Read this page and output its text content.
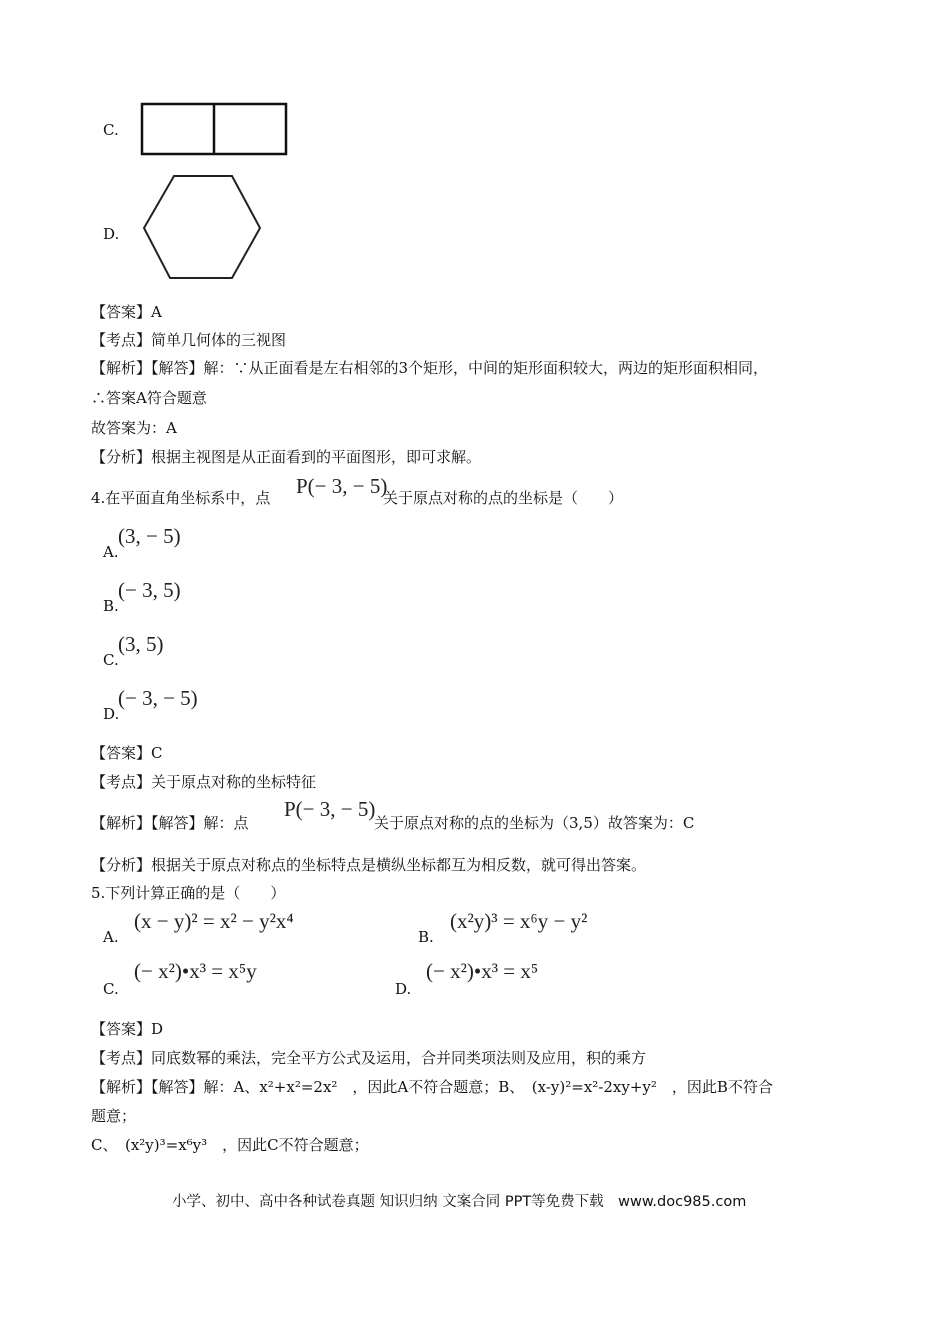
C.
D.
【答案】A
【考点】简单几何体的三视图
【解析】【解答】解：∵从正面看是左右相邻的3个矩形，中间的矩形面积较大，两边的矩形面积相同，
∴答案A符合题意
故答案为：A
【分析】根据主视图是从正面看到的平面图形，即可求解。
4.在平面直角坐标系中，点 P(− 3, − 5)
关于原点对称的点的坐标是（　　）
A.
(3, − 5)
B.
(− 3, 5)
C.
(3, 5)
D.
(− 3, − 5)
【答案】C
【考点】关于原点对称的坐标特征
【解析】【解答】解：点
P(− 3, − 5)
关于原点对称的点的坐标为（3,5）故答案为：C
【分析】根据关于原点对称点的坐标特点是横纵坐标都互为相反数，就可得出答案。
5.下列计算正确的是（　　）
A.
(x − y)² = x² − y²x⁴
B.
(x²y)³ = x⁶y − y²
C.
(− x²)•x³ = x⁵y
D.
(− x²)•x³ = x⁵
【答案】D
【考点】同底数幂的乘法，完全平方公式及运用，合并同类项法则及应用，积的乘方
【解析】【解答】解：A、x²+x²=2x²　，因此A不符合题意；B、　(x-y)²=x²-2xy+y²　，因此B不符合
题意；
C、　(x²y)³=x⁶y³　，因此C不符合题意；
小学、初中、高中各种试卷真题 知识归纳 文案合同 PPT等免费下载　www.doc985.com
